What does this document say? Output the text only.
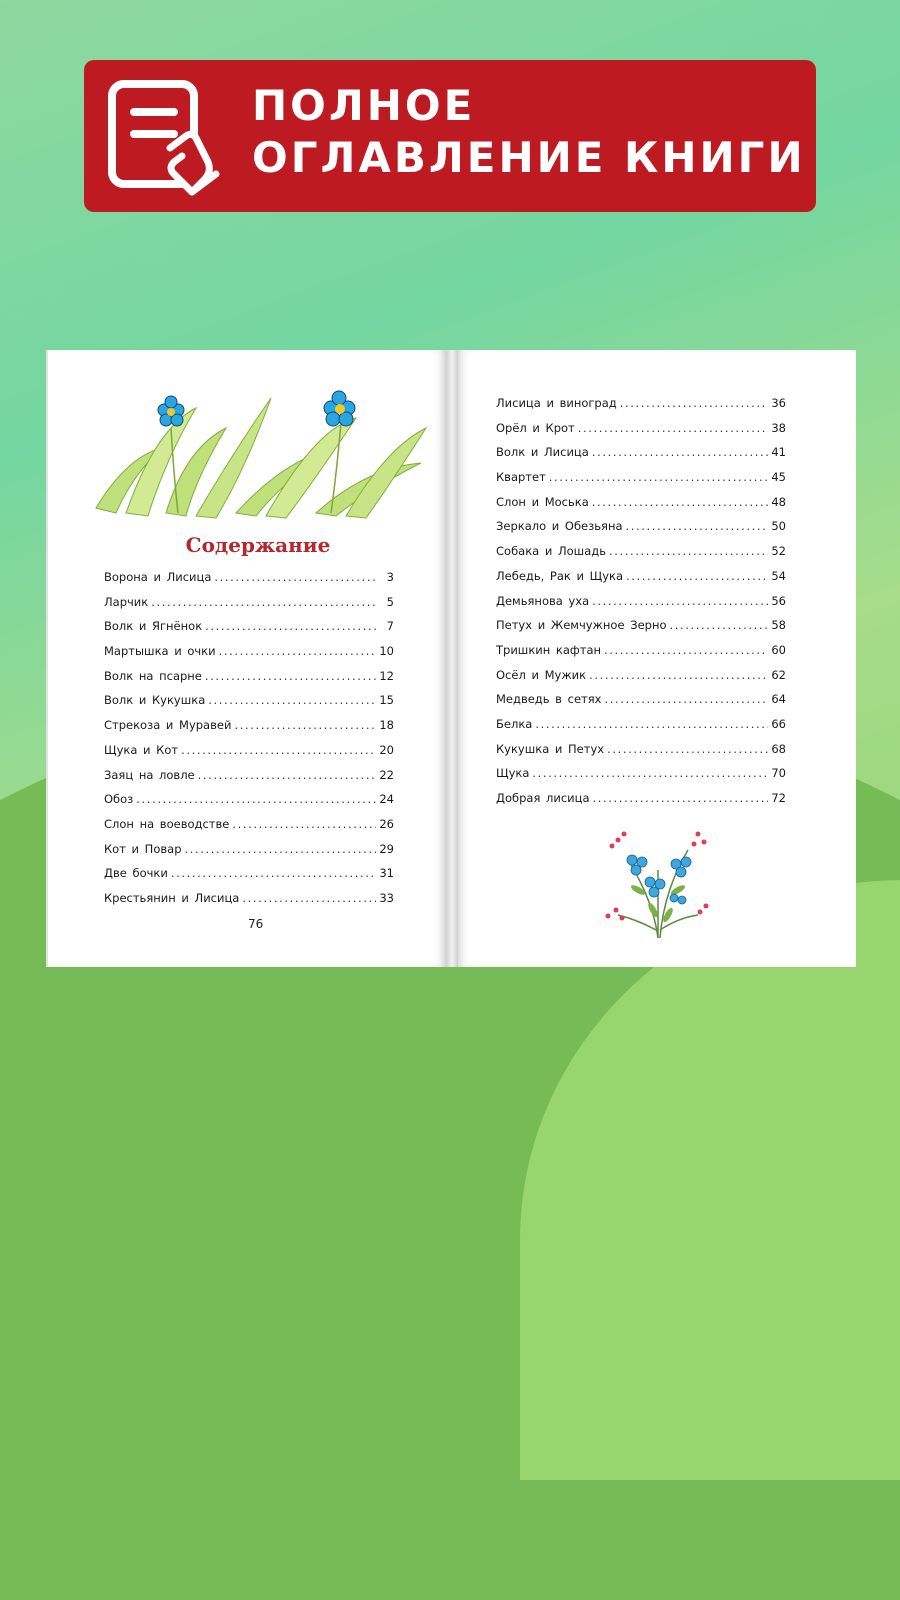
ПОЛНОЕ
ОГЛАВЛЕНИЕ КНИГИ
Содержание
Ворона и Лисица .....	3
Ларчик .....	5
Волк и Ягнёнок .....	7
Мартышка и очки .....	10
Волк на псарне .....	12
Волк и Кукушка .....	15
Стрекоза и Муравей .....	18
Щука и Кот .....	20
Заяц на ловле .....	22
Обоз .....	24
Слон на воеводстве .....	26
Кот и Повар .....	29
Две бочки .....	31
Крестьянин и Лисица .....	33
76
Лисица и виноград .....	36
Орёл и Крот .....	38
Волк и Лисица .....	41
Квартет .....	45
Слон и Моська .....	48
Зеркало и Обезьяна .....	50
Собака и Лошадь .....	52
Лебедь, Рак и Щука .....	54
Демьянова уха .....	56
Петух и Жемчужное Зерно .....	58
Тришкин кафтан .....	60
Осёл и Мужик .....	62
Медведь в сетях .....	64
Белка .....	66
Кукушка и Петух .....	68
Щука .....	70
Добрая лисица .....	72
